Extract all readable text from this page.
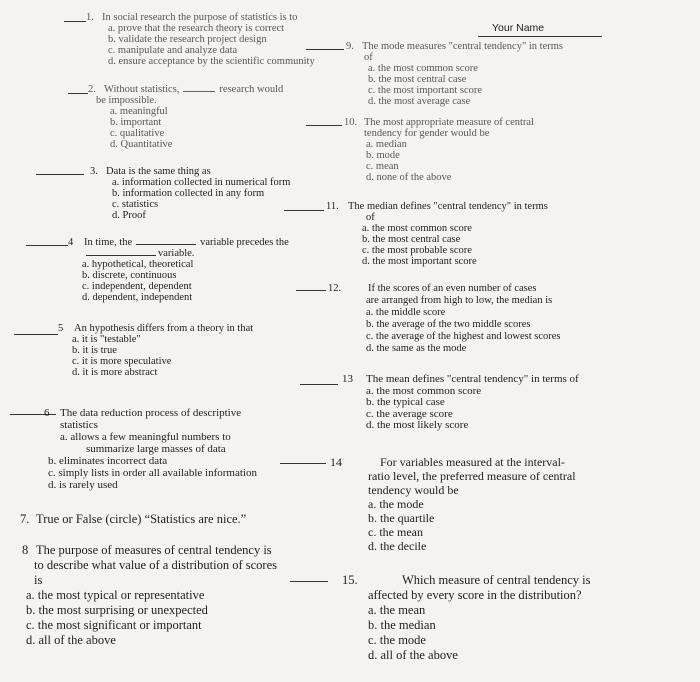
Your Name
1. In social research the purpose of statistics is to
a. prove that the research theory is correct
b. validate the research project design
c. manipulate and analyze data
d. ensure acceptance by the scientific community
2. Without statistics,	research would
be impossible.
a. meaningful
b. important
c. qualitative
d. Quantitative
3. Data is the same thing as
a. information collected in numerical form
b. information collected in any form
c. statistics
d. Proof
4 In time, the	variable precedes the
variable.
a. hypothetical, theoretical
b. discrete, continuous
c. independent, dependent
d. dependent, independent
5 An hypothesis differs from a theory in that
a. it is "testable"
b. it is true
c. it is more speculative
d. it is more abstract
6 The data reduction process of descriptive
statistics
a. allows a few meaningful numbers to
summarize large masses of data
b. eliminates incorrect data
c. simply lists in order all available information
d. is rarely used
7. True or False (circle) “Statistics are nice.”
8 The purpose of measures of central tendency is
to describe what value of a distribution of scores
is
a. the most typical or representative
b. the most surprising or unexpected
c. the most significant or important
d. all of the above
9. The mode measures "central tendency" in terms
of
a. the most common score
b. the most central case
c. the most important score
d. the most average case
10. The most appropriate measure of central
tendency for gender would be
a. median
b. mode
c. mean
d. none of the above
11. The median defines "central tendency" in terms
of
a. the most common score
b. the most central case
c. the most probable score
d. the most important score
12.	If the scores of an even number of cases
are arranged from high to low, the median is
a. the middle score
b. the average of the two middle scores
c. the average of the highest and lowest scores
d. the same as the mode
13 The mean defines "central tendency" in terms of
a. the most common score
b. the typical case
c. the average score
d. the most likely score
14	For variables measured at the interval-
ratio level, the preferred measure of central
tendency would be
a. the mode
b. the quartile
c. the mean
d. the decile
15.	Which measure of central tendency is
affected by every score in the distribution?
a. the mean
b. the median
c. the mode
d. all of the above
